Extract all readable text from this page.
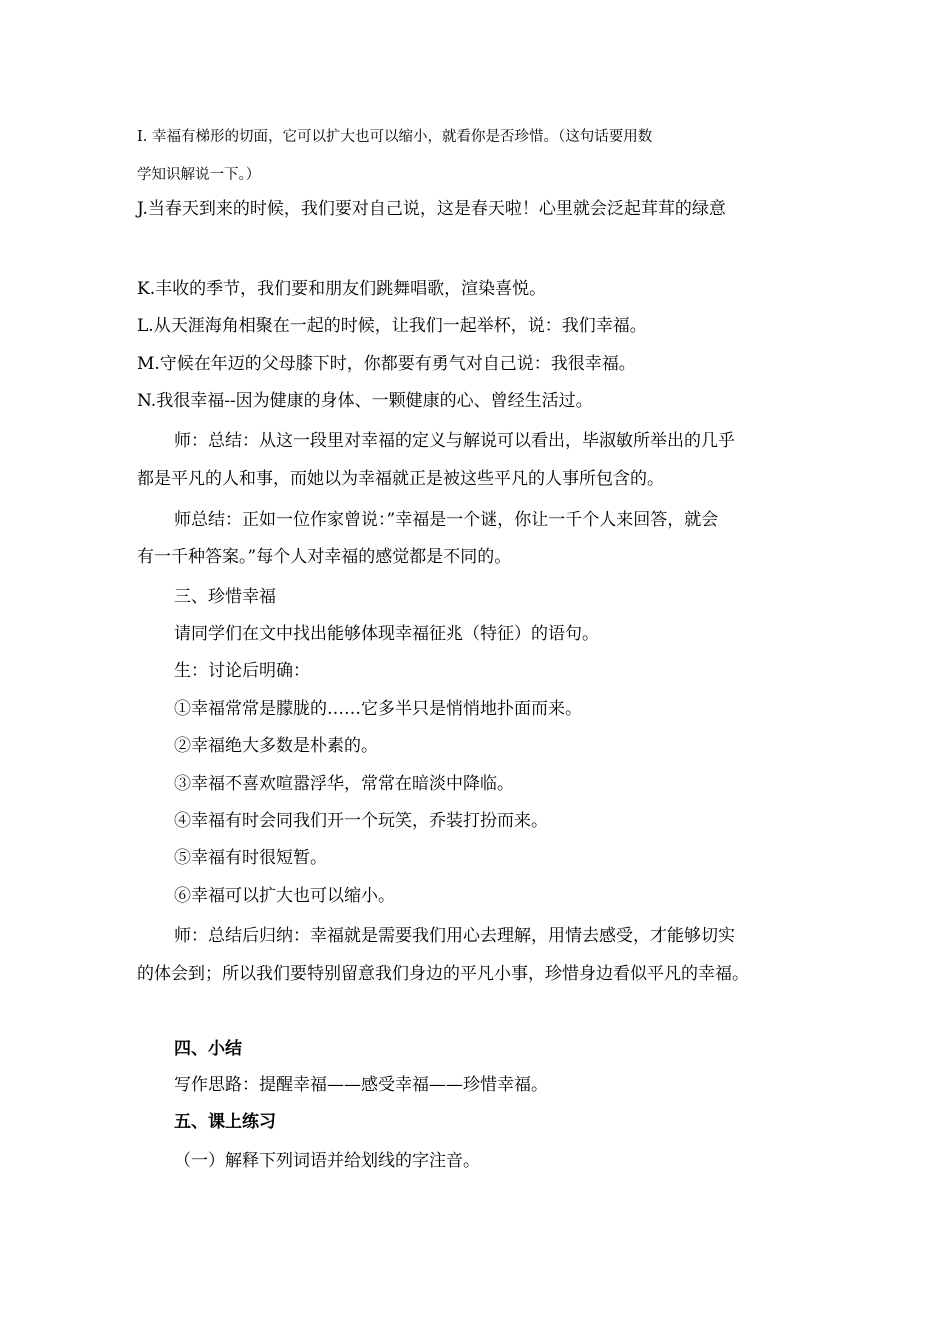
I. 幸福有梯形的切面，它可以扩大也可以缩小，就看你是否珍惜。（这句话要用数
学知识解说一下。）
J.当春天到来的时候，我们要对自己说，这是春天啦！心里就会泛起茸茸的绿意
K.丰收的季节，我们要和朋友们跳舞唱歌，渲染喜悦。
L.从天涯海角相聚在一起的时候，让我们一起举杯，说：我们幸福。
M.守候在年迈的父母膝下时，你都要有勇气对自己说：我很幸福。
N.我很幸福--因为健康的身体、一颗健康的心、曾经生活过。
师：总结：从这一段里对幸福的定义与解说可以看出，毕淑敏所举出的几乎
都是平凡的人和事，而她以为幸福就正是被这些平凡的人事所包含的。
师总结：正如一位作家曾说：”幸福是一个谜，你让一千个人来回答，就会
有一千种答案。”每个人对幸福的感觉都是不同的。
三、珍惜幸福
请同学们在文中找出能够体现幸福征兆（特征）的语句。
生：讨论后明确：
①幸福常常是朦胧的……它多半只是悄悄地扑面而来。
②幸福绝大多数是朴素的。
③幸福不喜欢喧嚣浮华，常常在暗淡中降临。
④幸福有时会同我们开一个玩笑，乔装打扮而来。
⑤幸福有时很短暂。
⑥幸福可以扩大也可以缩小。
师：总结后归纳：幸福就是需要我们用心去理解，用情去感受，才能够切实
的体会到；所以我们要特别留意我们身边的平凡小事，珍惜身边看似平凡的幸福。
四、小结
写作思路：提醒幸福——感受幸福——珍惜幸福。
五、课上练习
（一）解释下列词语并给划线的字注音。
